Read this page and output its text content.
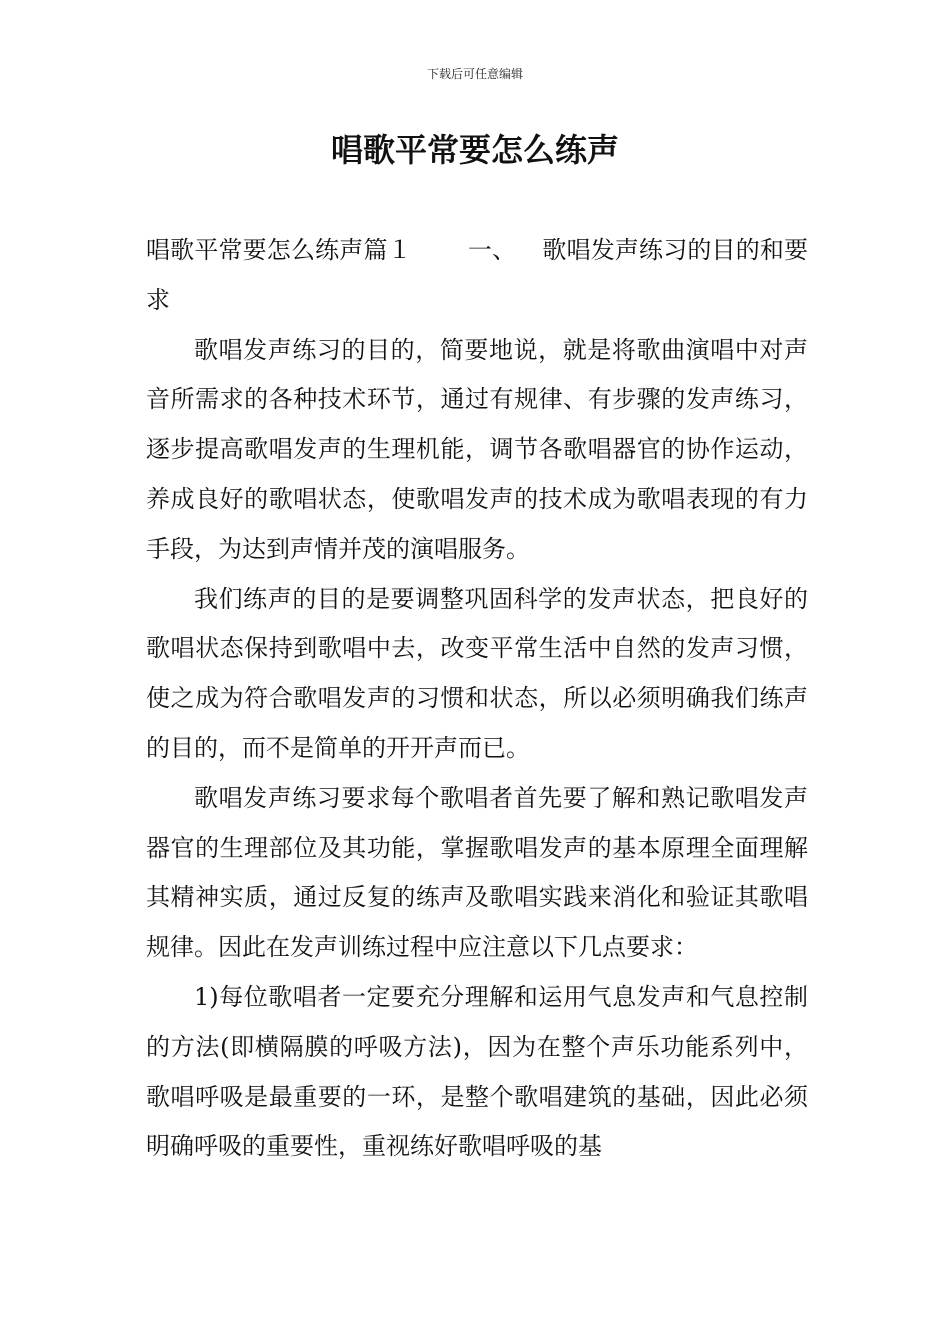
下载后可任意编辑
唱歌平常要怎么练声

唱歌平常要怎么练声篇１ 一、 歌唱发声练习的目的和要求

歌唱发声练习的目的，简要地说，就是将歌曲演唱中对声音所需求的各种技术环节，通过有规律、有步骤的发声练习，逐步提高歌唱发声的生理机能，调节各歌唱器官的协作运动，养成良好的歌唱状态，使歌唱发声的技术成为歌唱表现的有力手段，为达到声情并茂的演唱服务。

我们练声的目的是要调整巩固科学的发声状态，把良好的歌唱状态保持到歌唱中去，改变平常生活中自然的发声习惯，使之成为符合歌唱发声的习惯和状态，所以必须明确我们练声的目的，而不是简单的开开声而已。

歌唱发声练习要求每个歌唱者首先要了解和熟记歌唱发声器官的生理部位及其功能，掌握歌唱发声的基本原理全面理解其精神实质，通过反复的练声及歌唱实践来消化和验证其歌唱规律。因此在发声训练过程中应注意以下几点要求：

1)每位歌唱者一定要充分理解和运用气息发声和气息控制的方法(即横隔膜的呼吸方法)，因为在整个声乐功能系列中，歌唱呼吸是最重要的一环，是整个歌唱建筑的基础，因此必须明确呼吸的重要性，重视练好歌唱呼吸的基
